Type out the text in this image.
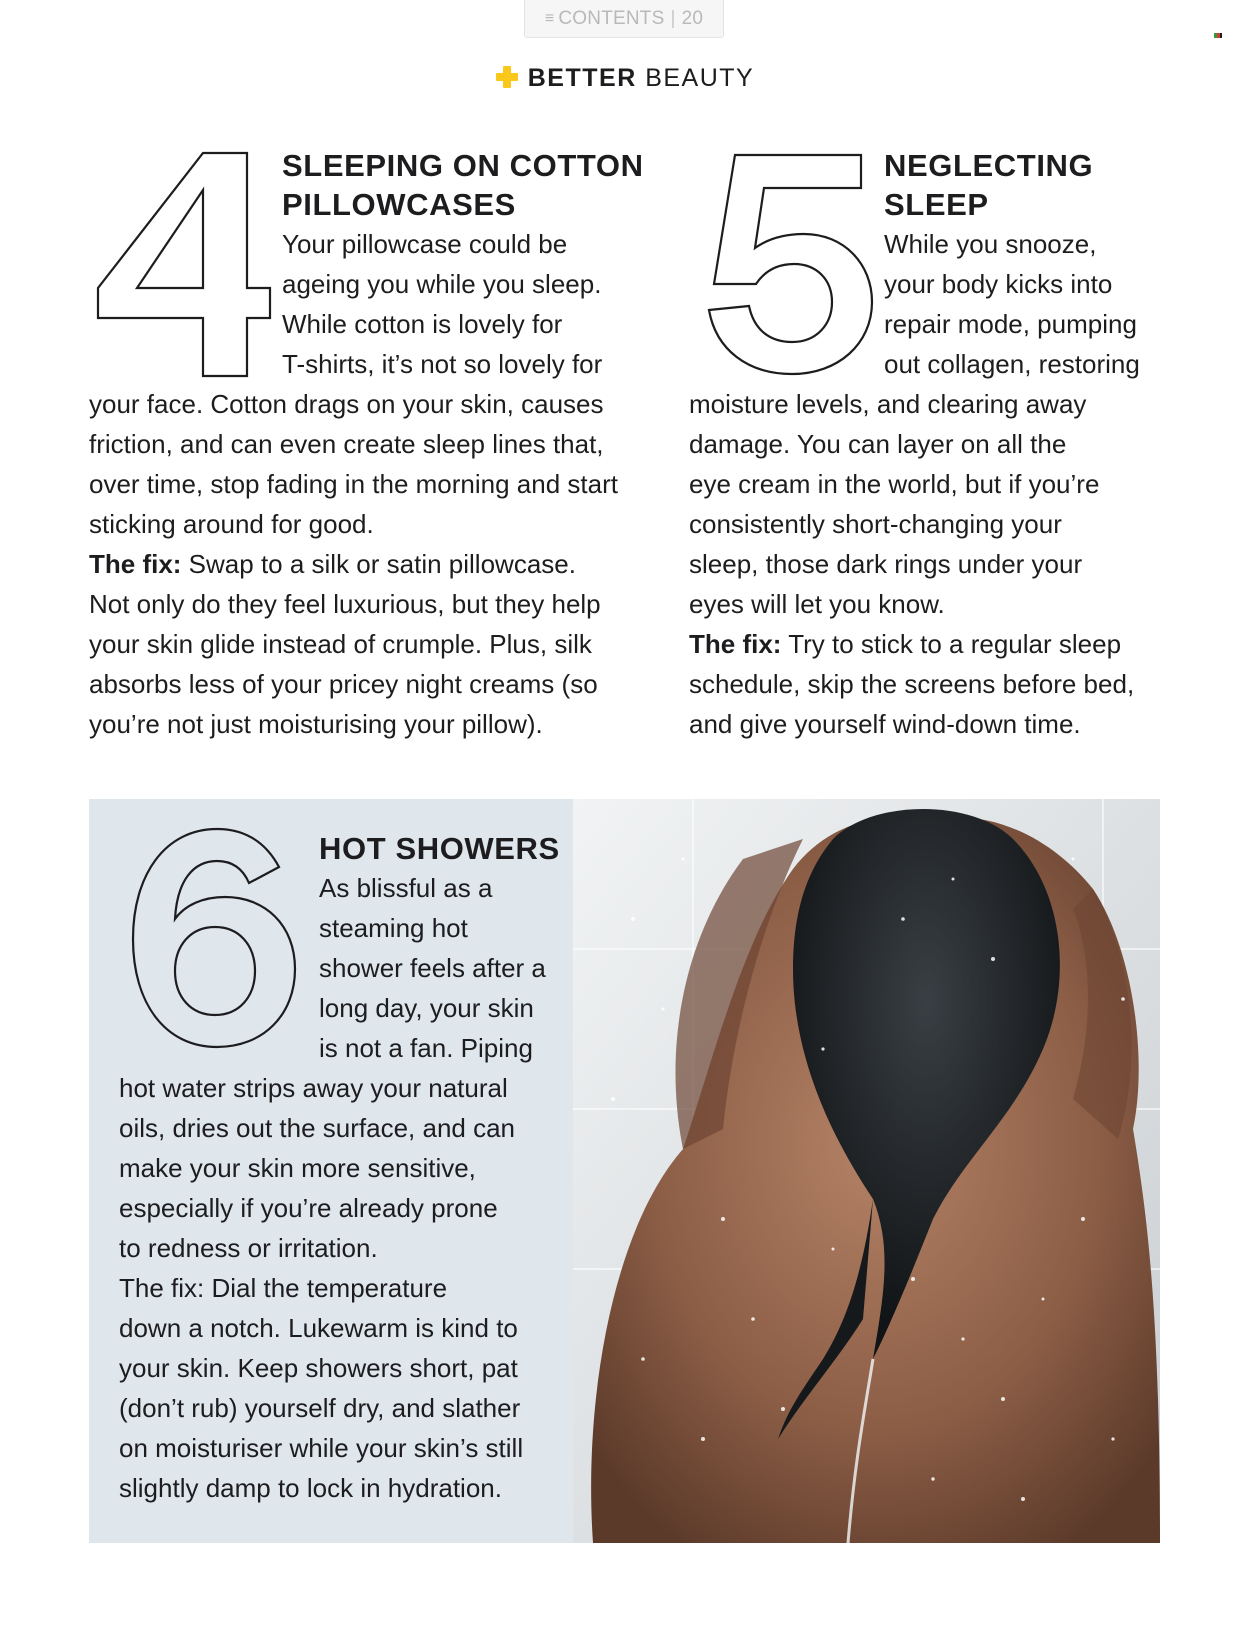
≡ CONTENTS | 20
BETTER BEAUTY
SLEEPING ON COTTON
PILLOWCASES

Your pillowcase could be

ageing you while you sleep.

While cotton is lovely for

T-shirts, it’s not so lovely for

your face. Cotton drags on your skin, causes

friction, and can even create sleep lines that,

over time, stop fading in the morning and start

sticking around for good.

The fix: Swap to a silk or satin pillowcase.

Not only do they feel luxurious, but they help

your skin glide instead of crumple. Plus, silk

absorbs less of your pricey night creams (so

you’re not just moisturising your pillow).

NEGLECTING
SLEEP

While you snooze,

your body kicks into

repair mode, pumping

out collagen, restoring

moisture levels, and clearing away

damage. You can layer on all the

eye cream in the world, but if you’re

consistently short-changing your

sleep, those dark rings under your

eyes will let you know.

The fix: Try to stick to a regular sleep

schedule, skip the screens before bed,

and give yourself wind-down time.

HOT SHOWERS

As blissful as a

steaming hot

shower feels after a

long day, your skin

is not a fan. Piping

hot water strips away your natural

oils, dries out the surface, and can

make your skin more sensitive,

especially if you’re already prone

to redness or irritation.

The fix: Dial the temperature

down a notch. Lukewarm is kind to

your skin. Keep showers short, pat

(don’t rub) yourself dry, and slather

on moisturiser while your skin’s still

slightly damp to lock in hydration.
